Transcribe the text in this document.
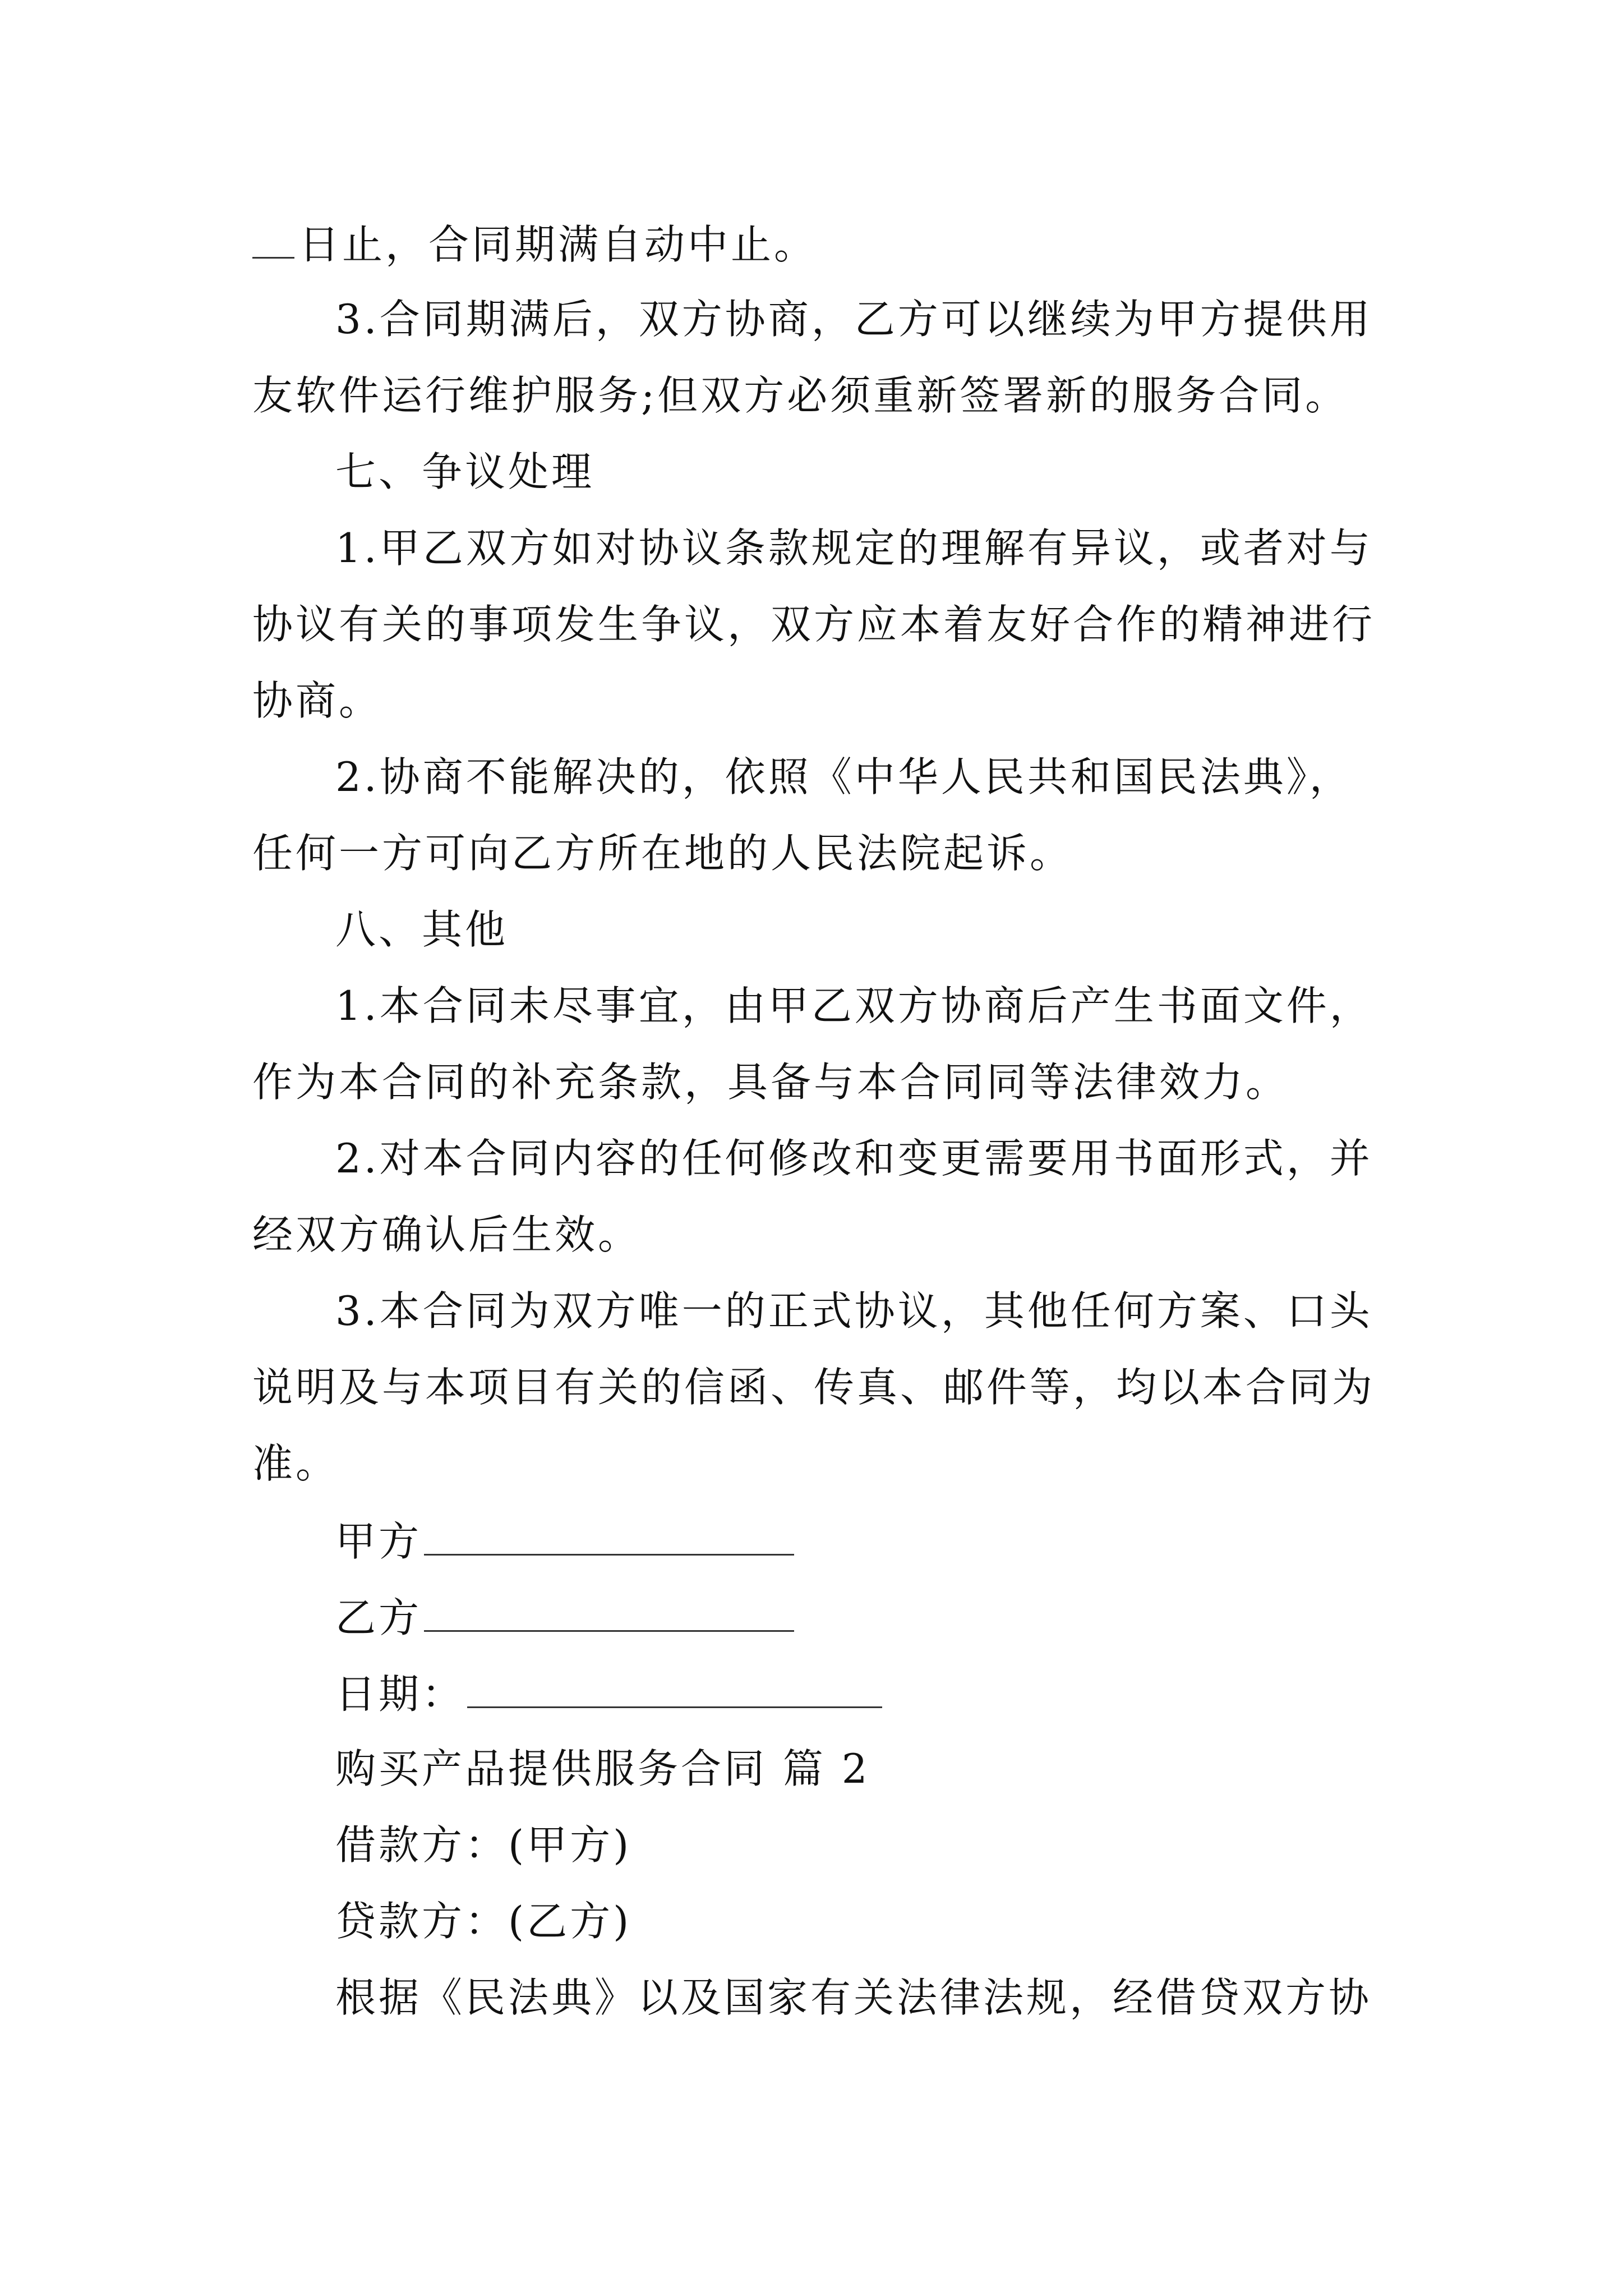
日止，合同期满自动中止。
3.合同期满后，双方协商，乙方可以继续为甲方提供用
友软件运行维护服务;但双方必须重新签署新的服务合同。
七、争议处理
1.甲乙双方如对协议条款规定的理解有异议，或者对与
协议有关的事项发生争议，双方应本着友好合作的精神进行
协商。
2.协商不能解决的，依照《中华人民共和国民法典》，
任何一方可向乙方所在地的人民法院起诉。
八、其他
1.本合同未尽事宜，由甲乙双方协商后产生书面文件，
作为本合同的补充条款，具备与本合同同等法律效力。
2.对本合同内容的任何修改和变更需要用书面形式，并
经双方确认后生效。
3.本合同为双方唯一的正式协议，其他任何方案、口头
说明及与本项目有关的信函、传真、邮件等，均以本合同为
准。
甲方
乙方
日期：
购买产品提供服务合同 篇 2
借款方：(甲方)
贷款方：(乙方)
根据《民法典》以及国家有关法律法规，经借贷双方协
